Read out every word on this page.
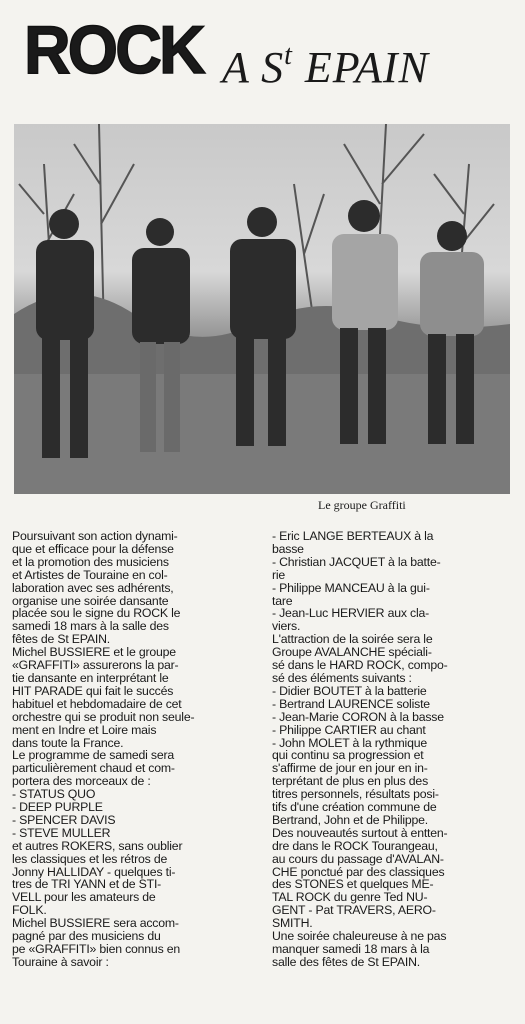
ROCK A $S^t$ EPAIN
Le groupe Graffiti
Poursuivant son action dynami-
que et efficace pour la défense
et la promotion des musiciens
et Artistes de Touraine en col-
laboration avec ses adhérents,
organise une soirée dansante
placée sou le signe du ROCK le
samedi 18 mars à la salle des
fêtes de St EPAIN.
Michel BUSSIERE et le groupe
«GRAFFITI» assurerons la par-
tie dansante en interprétant le
HIT PARADE qui fait le succés
habituel et hebdomadaire de cet
orchestre qui se produit non seule-
ment en Indre et Loire mais
dans toute la France.
Le programme de samedi sera
particulièrement chaud et com-
portera des morceaux de :
- STATUS QUO
- DEEP PURPLE
- SPENCER DAVIS
- STEVE MULLER
et autres ROKERS, sans oublier
les classiques et les rétros de
Jonny HALLIDAY - quelques ti-
tres de TRI YANN et de STI-
VELL pour les amateurs de
FOLK.
Michel BUSSIERE sera accom-
pagné par des musiciens du
pe «GRAFFITI» bien connus en
Touraine à savoir :
- Eric LANGE BERTEAUX à la
basse
- Christian JACQUET à la batte-
rie
- Philippe MANCEAU à la gui-
tare
- Jean-Luc HERVIER aux cla-
viers.
L'attraction de la soirée sera le
Groupe AVALANCHE spéciali-
sé dans le HARD ROCK, compo-
sé des éléments suivants :
- Didier BOUTET à la batterie
- Bertrand LAURENCE soliste
- Jean-Marie CORON à la basse
- Philippe CARTIER au chant
- John MOLET à la rythmique
qui continu sa progression et
s'affirme de jour en jour en in-
terprétant de plus en plus des
titres personnels, résultats posi-
tifs d'une création commune de
Bertrand, John et de Philippe.
Des nouveautés surtout à entten-
dre dans le ROCK Tourangeau,
au cours du passage d'AVALAN-
CHE ponctué par des classiques
des STONES et quelques ME-
TAL ROCK du genre Ted NU-
GENT - Pat TRAVERS, AERO-
SMITH.
Une soirée chaleureuse à ne pas
manquer samedi 18 mars à la
salle des fêtes de St EPAIN.
